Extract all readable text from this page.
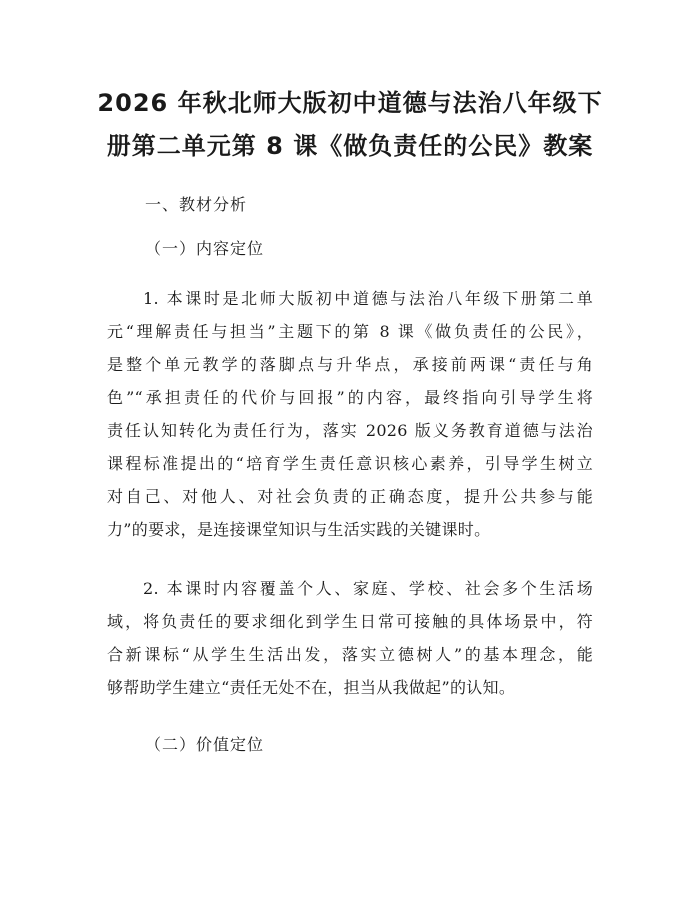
2026 年秋北师大版初中道德与法治八年级下
册第二单元第 8 课《做负责任的公民》教案

一、教材分析

（一）内容定位

1. 本课时是北师大版初中道德与法治八年级下册第二单
元“理解责任与担当”主题下的第 8 课《做负责任的公民》，
是整个单元教学的落脚点与升华点，承接前两课“责任与角
色”“承担责任的代价与回报”的内容，最终指向引导学生将
责任认知转化为责任行为，落实 2026 版义务教育道德与法治
课程标准提出的“培育学生责任意识核心素养，引导学生树立
对自己、对他人、对社会负责的正确态度，提升公共参与能
力”的要求，是连接课堂知识与生活实践的关键课时。
2. 本课时内容覆盖个人、家庭、学校、社会多个生活场
域，将负责任的要求细化到学生日常可接触的具体场景中，符
合新课标“从学生生活出发，落实立德树人”的基本理念，能
够帮助学生建立“责任无处不在，担当从我做起”的认知。

（二）价值定位
